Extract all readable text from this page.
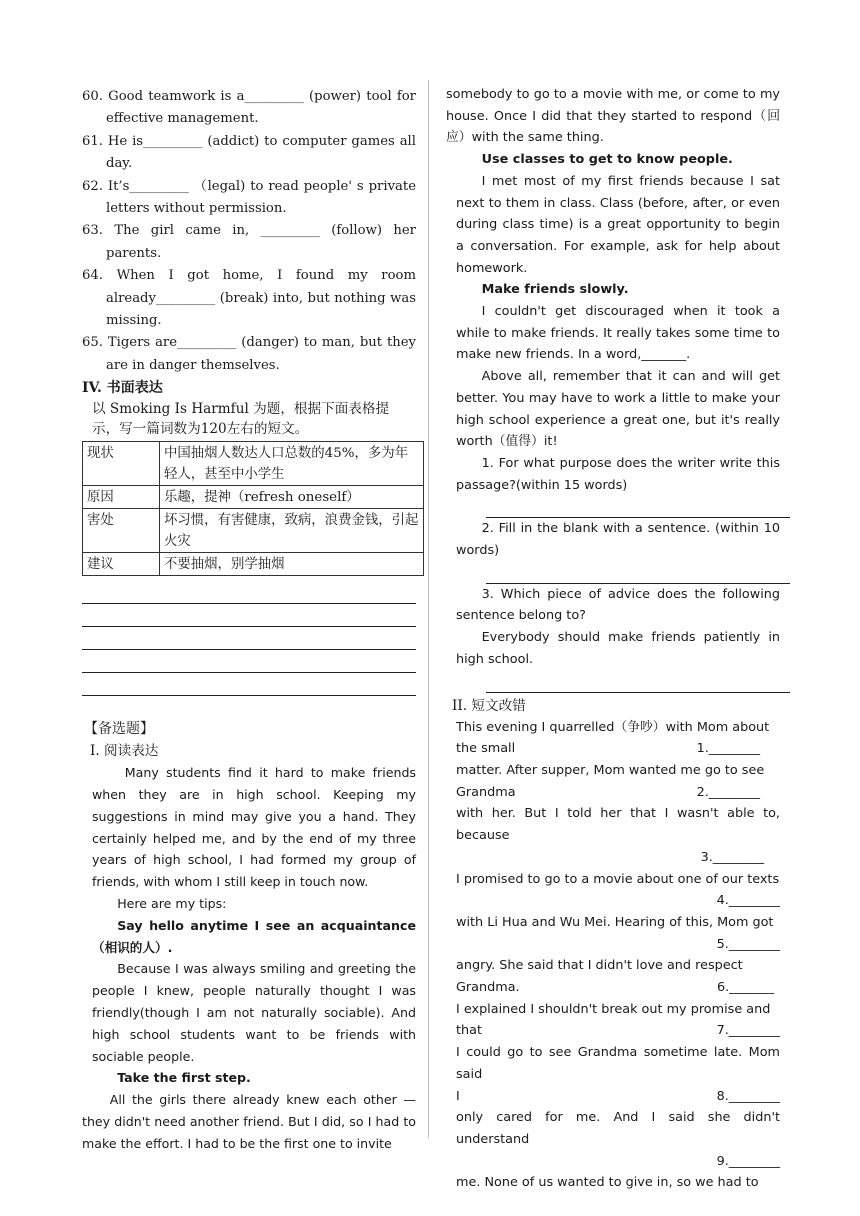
60. Good teamwork is a_________ (power) tool for effective management.

61. He is_________ (addict) to computer games all day.

62. It’s_________ （legal) to read people' s private letters without permission.

63. The girl came in, _________ (follow) her parents.

64. When I got home, I found my room already_________ (break) into, but nothing was missing.

65. Tigers are_________ (danger) to man, but they are in danger themselves.

IV. 书面表达

以 Smoking Is Harmful 为题，根据下面表格提示，写一篇词数为120左右的短文。

现状	中国抽烟人数达人口总数的45%，多为年轻人，甚至中小学生
原因	乐趣，提神（refresh oneself）
害处	坏习惯，有害健康，致病，浪费金钱，引起火灾
建议	不要抽烟，别学抽烟

【备选题】

I. 阅读表达

Many students find it hard to make friends when they are in high school. Keeping my suggestions in mind may give you a hand. They certainly helped me, and by the end of my three years of high school, I had formed my group of friends, with whom I still keep in touch now.

Here are my tips:

Say hello anytime I see an acquaintance（相识的人）.

Because I was always smiling and greeting the people I knew, people naturally thought I was friendly(though I am not naturally sociable). And high school students want to be friends with sociable people.

Take the first step.

All the girls there already knew each other — they didn't need another friend. But I did, so I had to make the effort. I had to be the first one to invite

somebody to go to a movie with me, or come to my house. Once I did that they started to respond（回应）with the same thing.

Use classes to get to know people.

I met most of my first friends because I sat next to them in class. Class (before, after, or even during class time) is a great opportunity to begin a conversation. For example, ask for help about homework.

Make friends slowly.

I couldn't get discouraged when it took a while to make friends. It really takes some time to make new friends. In a word,_______.

Above all, remember that it can and will get better. You may have to work a little to make your high school experience a great one, but it's really worth（值得）it!

1. For what purpose does the writer write this passage?(within 15 words)

2. Fill in the blank with a sentence. (within 10 words)

3. Which piece of advice does the following sentence belong to?

Everybody should make friends patiently in high school.

II. 短文改错

This evening I quarrelled（争吵）with Mom about
the small	1.________
matter. After supper, Mom wanted me go to see
Grandma	2.________
with her. But I told her that I wasn't able to, because
3.________
I promised to go to a movie about one of our texts
4.________
with Li Hua and Wu Mei. Hearing of this, Mom got
5.________
angry. She said that I didn't love and respect
Grandma.	6._______
I explained I shouldn't break out my promise and
that	7.________
I could go to see Grandma sometime late. Mom said
I	8.________
only cared for me. And I said she didn't understand
9.________
me. None of us wanted to give in, so we had to
